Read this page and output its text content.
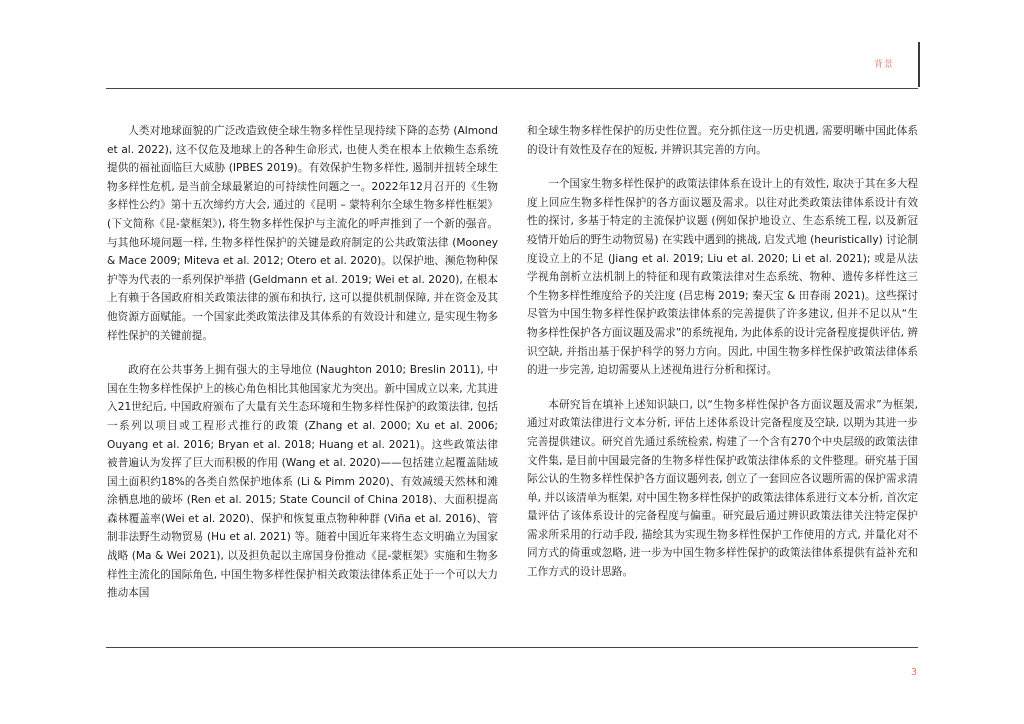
背景

人类对地球面貌的广泛改造致使全球生物多样性呈现持续下降的态势 (Almond et al. 2022), 这不仅危及地球上的各种生命形式, 也使人类在根本上依赖生态系统提供的福祉面临巨大威胁 (IPBES 2019)。有效保护生物多样性, 遏制并扭转全球生物多样性危机, 是当前全球最紧迫的可持续性问题之一。2022年12月召开的《生物多样性公约》第十五次缔约方大会, 通过的《昆明 – 蒙特利尔全球生物多样性框架》 (下文简称《昆-蒙框架》), 将生物多样性保护与主流化的呼声推到了一个新的强音。与其他环境问题一样, 生物多样性保护的关键是政府制定的公共政策法律 (Mooney & Mace 2009; Miteva et al. 2012; Otero et al. 2020)。以保护地、濒危物种保护等为代表的一系列保护举措 (Geldmann et al. 2019; Wei et al. 2020), 在根本上有赖于各国政府相关政策法律的颁布和执行, 这可以提供机制保障, 并在资金及其他资源方面赋能。一个国家此类政策法律及其体系的有效设计和建立, 是实现生物多样性保护的关键前提。

政府在公共事务上拥有强大的主导地位 (Naughton 2010; Breslin 2011), 中国在生物多样性保护上的核心角色相比其他国家尤为突出。新中国成立以来, 尤其进入21世纪后, 中国政府颁布了大量有关生态环境和生物多样性保护的政策法律, 包括一系列以项目或工程形式推行的政策 (Zhang et al. 2000; Xu et al. 2006; Ouyang et al. 2016; Bryan et al. 2018; Huang et al. 2021)。这些政策法律被普遍认为发挥了巨大而积极的作用 (Wang et al. 2020)——包括建立起覆盖陆域国土面积约18%的各类自然保护地体系 (Li & Pimm 2020)、有效减缓天然林和滩涂栖息地的破坏 (Ren et al. 2015; State Council of China 2018)、大面积提高森林覆盖率(Wei et al. 2020)、保护和恢复重点物种种群 (Viña et al. 2016)、管制非法野生动物贸易 (Hu et al. 2021) 等。随着中国近年来将生态文明确立为国家战略 (Ma & Wei 2021), 以及担负起以主席国身份推动《昆-蒙框架》实施和生物多样性主流化的国际角色, 中国生物多样性保护相关政策法律体系正处于一个可以大力推动本国

和全球生物多样性保护的历史性位置。充分抓住这一历史机遇, 需要明晰中国此体系的设计有效性及存在的短板, 并辨识其完善的方向。

一个国家生物多样性保护的政策法律体系在设计上的有效性, 取决于其在多大程度上回应生物多样性保护的各方面议题及需求。以往对此类政策法律体系设计有效性的探讨, 多基于特定的主流保护议题 (例如保护地设立、生态系统工程, 以及新冠疫情开始后的野生动物贸易) 在实践中遇到的挑战, 启发式地 (heuristically) 讨论制度设立上的不足 (Jiang et al. 2019; Liu et al. 2020; Li et al. 2021); 或是从法学视角剖析立法机制上的特征和现有政策法律对生态系统、物种、遗传多样性这三个生物多样性维度给予的关注度 (吕忠梅 2019; 秦天宝 & 田春雨 2021)。这些探讨尽管为中国生物多样性保护政策法律体系的完善提供了许多建议, 但并不足以从“生物多样性保护各方面议题及需求”的系统视角, 为此体系的设计完备程度提供评估, 辨识空缺, 并指出基于保护科学的努力方向。因此, 中国生物多样性保护政策法律体系的进一步完善, 迫切需要从上述视角进行分析和探讨。

本研究旨在填补上述知识缺口, 以“生物多样性保护各方面议题及需求”为框架, 通过对政策法律进行文本分析, 评估上述体系设计完备程度及空缺, 以期为其进一步完善提供建议。研究首先通过系统检索, 构建了一个含有270个中央层级的政策法律文件集, 是目前中国最完备的生物多样性保护政策法律体系的文件整理。研究基于国际公认的生物多样性保护各方面议题列表, 创立了一套回应各议题所需的保护需求清单, 并以该清单为框架, 对中国生物多样性保护的政策法律体系进行文本分析, 首次定量评估了该体系设计的完备程度与偏重。研究最后通过辨识政策法律关注特定保护需求所采用的行动手段, 描绘其为实现生物多样性保护工作使用的方式, 并量化对不同方式的倚重或忽略, 进一步为中国生物多样性保护的政策法律体系提供有益补充和工作方式的设计思路。

3
